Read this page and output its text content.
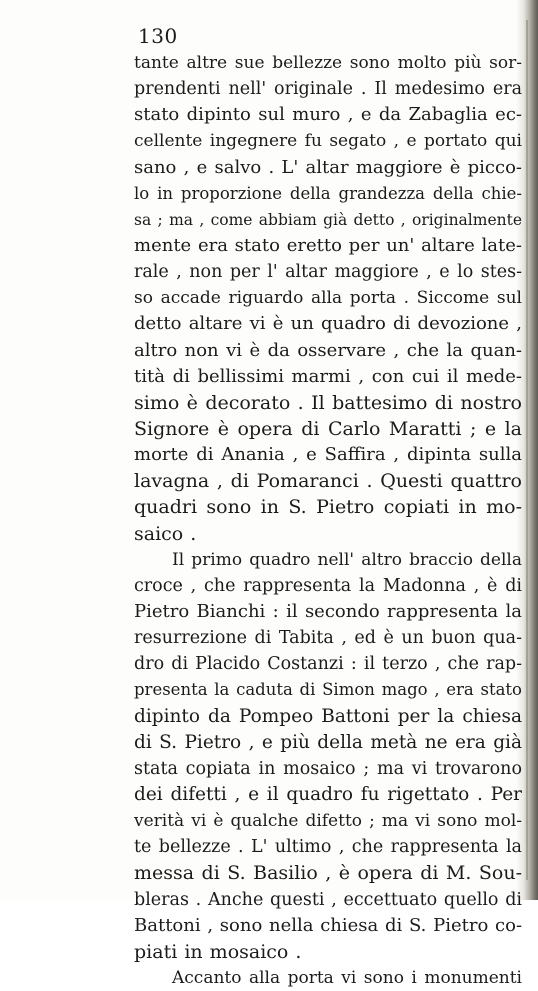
130
tante altre sue bellezze sono molto più sor-
prendenti nell' originale . Il medesimo era
stato dipinto sul muro , e da Zabaglia ec-
cellente ingegnere fu segato , e portato qui
sano , e salvo . L' altar maggiore è picco-
lo in proporzione della grandezza della chie-
sa ; ma , come abbiam già detto , originalmente
mente era stato eretto per un' altare late-
rale , non per l' altar maggiore , e lo stes-
so accade riguardo alla porta . Siccome sul
detto altare vi è un quadro di devozione ,
altro non vi è da osservare , che la quan-
tità di bellissimi marmi , con cui il mede-
simo è decorato . Il battesimo di nostro
Signore è opera di Carlo Maratti ; e la
morte di Anania , e Saffira , dipinta sulla
lavagna , di Pomaranci . Questi quattro
quadri sono in S. Pietro copiati in mo-
saico .
Il primo quadro nell' altro braccio della
croce , che rappresenta la Madonna , è di
Pietro Bianchi : il secondo rappresenta la
resurrezione di Tabita , ed è un buon qua-
dro di Placido Costanzi : il terzo , che rap-
presenta la caduta di Simon mago , era stato
dipinto da Pompeo Battoni per la chiesa
di S. Pietro , e più della metà ne era già
stata copiata in mosaico ; ma vi trovarono
dei difetti , e il quadro fu rigettato . Per
verità vi è qualche difetto ; ma vi sono mol-
te bellezze . L' ultimo , che rappresenta la
messa di S. Basilio , è opera di M. Sou-
bleras . Anche questi , eccettuato quello di
Battoni , sono nella chiesa di S. Pietro co-
piati in mosaico .
Accanto alla porta vi sono i monumenti
